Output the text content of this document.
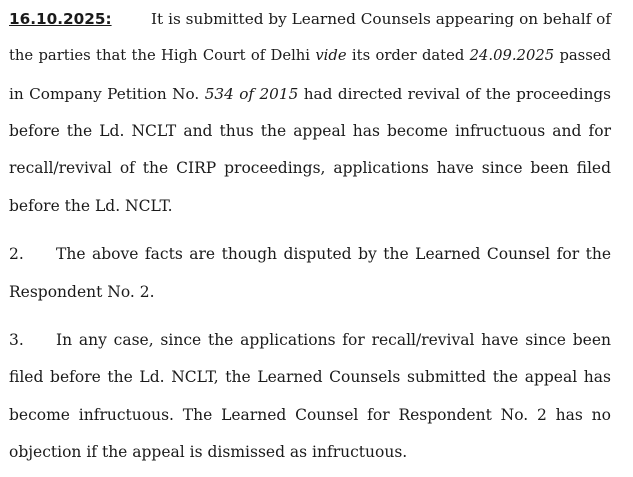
16.10.2025:	It is submitted by Learned Counsels appearing on behalf of
the parties that the High Court of Delhi vide its order dated 24.09.2025 passed
in Company Petition No. 534 of 2015 had directed revival of the proceedings
before the Ld. NCLT and thus the appeal has become infructuous and for
recall/revival of the CIRP proceedings, applications have since been filed
before the Ld. NCLT.
2. The above facts are though disputed by the Learned Counsel for the
Respondent No. 2.
3. In any case, since the applications for recall/revival have since been
filed before the Ld. NCLT, the Learned Counsels submitted the appeal has
become infructuous. The Learned Counsel for Respondent No. 2 has no
objection if the appeal is dismissed as infructuous.
